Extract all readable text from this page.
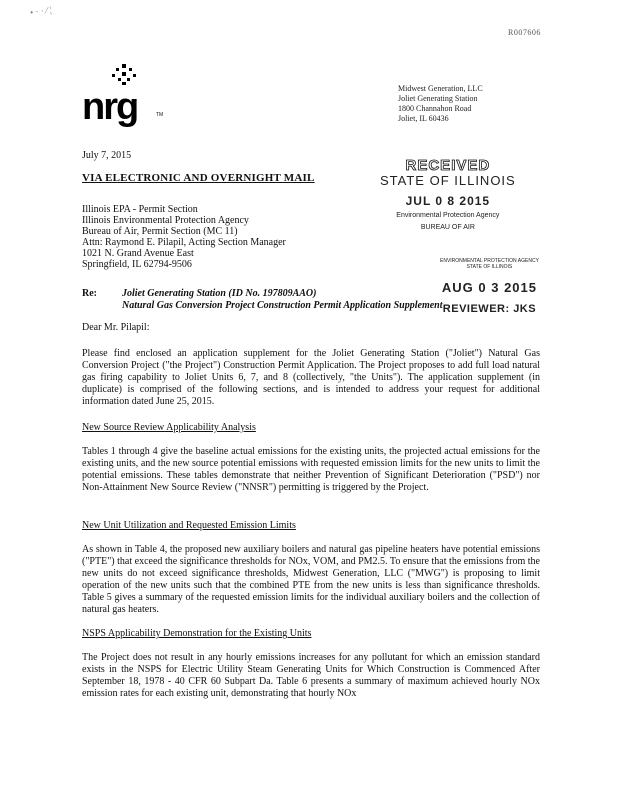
• · · ⁄ ¦
R007606
nrg	TM
Midwest Generation, LLC
Joliet Generating Station
1800 Channahon Road
Joliet, IL 60436
July 7, 2015
VIA ELECTRONIC AND OVERNIGHT MAIL
RECEIVED
STATE OF ILLINOIS
JUL 0 8 2015
Environmental Protection Agency
BUREAU OF AIR
Illinois EPA - Permit Section
Illinois Environmental Protection Agency
Bureau of Air, Permit Section (MC 11)
Attn: Raymond E. Pilapil, Acting Section Manager
1021 N. Grand Avenue East
Springfield, IL 62794-9506	ENVIRONMENTAL PROTECTION AGENCY
STATE OF ILLINOIS
AUG 0 3 2015
REVIEWER: JKS
Re:	Joliet Generating Station (ID No. 197809AAO)
Natural Gas Conversion Project Construction Permit Application Supplement
Dear Mr. Pilapil:

Please find enclosed an application supplement for the Joliet Generating Station ("Joliet") Natural Gas Conversion Project ("the Project") Construction Permit Application. The Project proposes to add full load natural gas firing capability to Joliet Units 6, 7, and 8 (collectively, "the Units"). The application supplement (in duplicate) is comprised of the following sections, and is intended to address your request for additional information dated June 25, 2015.

New Source Review Applicability Analysis

Tables 1 through 4 give the baseline actual emissions for the existing units, the projected actual emissions for the existing units, and the new source potential emissions with requested emission limits for the new units to limit the potential emissions. These tables demonstrate that neither Prevention of Significant Deterioration ("PSD") nor Non-Attainment New Source Review ("NNSR") permitting is triggered by the Project.

New Unit Utilization and Requested Emission Limits

As shown in Table 4, the proposed new auxiliary boilers and natural gas pipeline heaters have potential emissions ("PTE") that exceed the significance thresholds for NOx, VOM, and PM2.5. To ensure that the emissions from the new units do not exceed significance thresholds, Midwest Generation, LLC ("MWG") is proposing to limit operation of the new units such that the combined PTE from the new units is less than significance thresholds. Table 5 gives a summary of the requested emission limits for the individual auxiliary boilers and the collection of natural gas heaters.

NSPS Applicability Demonstration for the Existing Units

The Project does not result in any hourly emissions increases for any pollutant for which an emission standard exists in the NSPS for Electric Utility Steam Generating Units for Which Construction is Commenced After September 18, 1978 - 40 CFR 60 Subpart Da. Table 6 presents a summary of maximum achieved hourly NOx emission rates for each existing unit, demonstrating that hourly NOx
